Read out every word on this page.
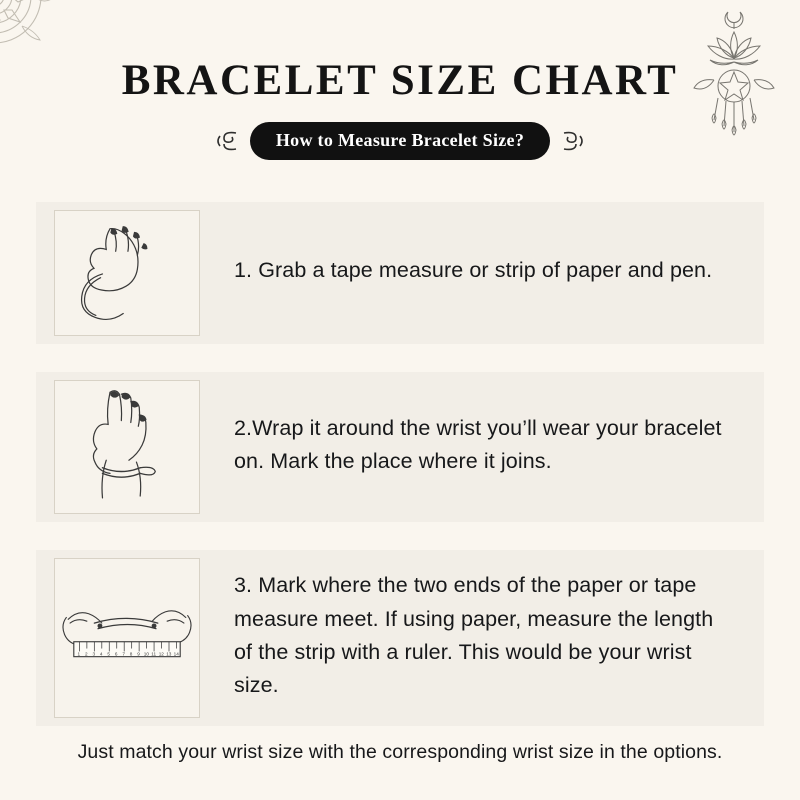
BRACELET SIZE CHART
How to Measure Bracelet Size?
1. Grab a tape measure or strip of paper and pen.
2.Wrap it around the wrist you’ll wear your bracelet on. Mark the place where it joins.
1 2 3 4 5 6 7 8 9 10 11 12 13 14
3. Mark where the two ends of the paper or tape measure meet. If using paper, measure the length of the strip with a ruler. This would be your wrist size.
Just match your wrist size with the corresponding wrist size in the options.
